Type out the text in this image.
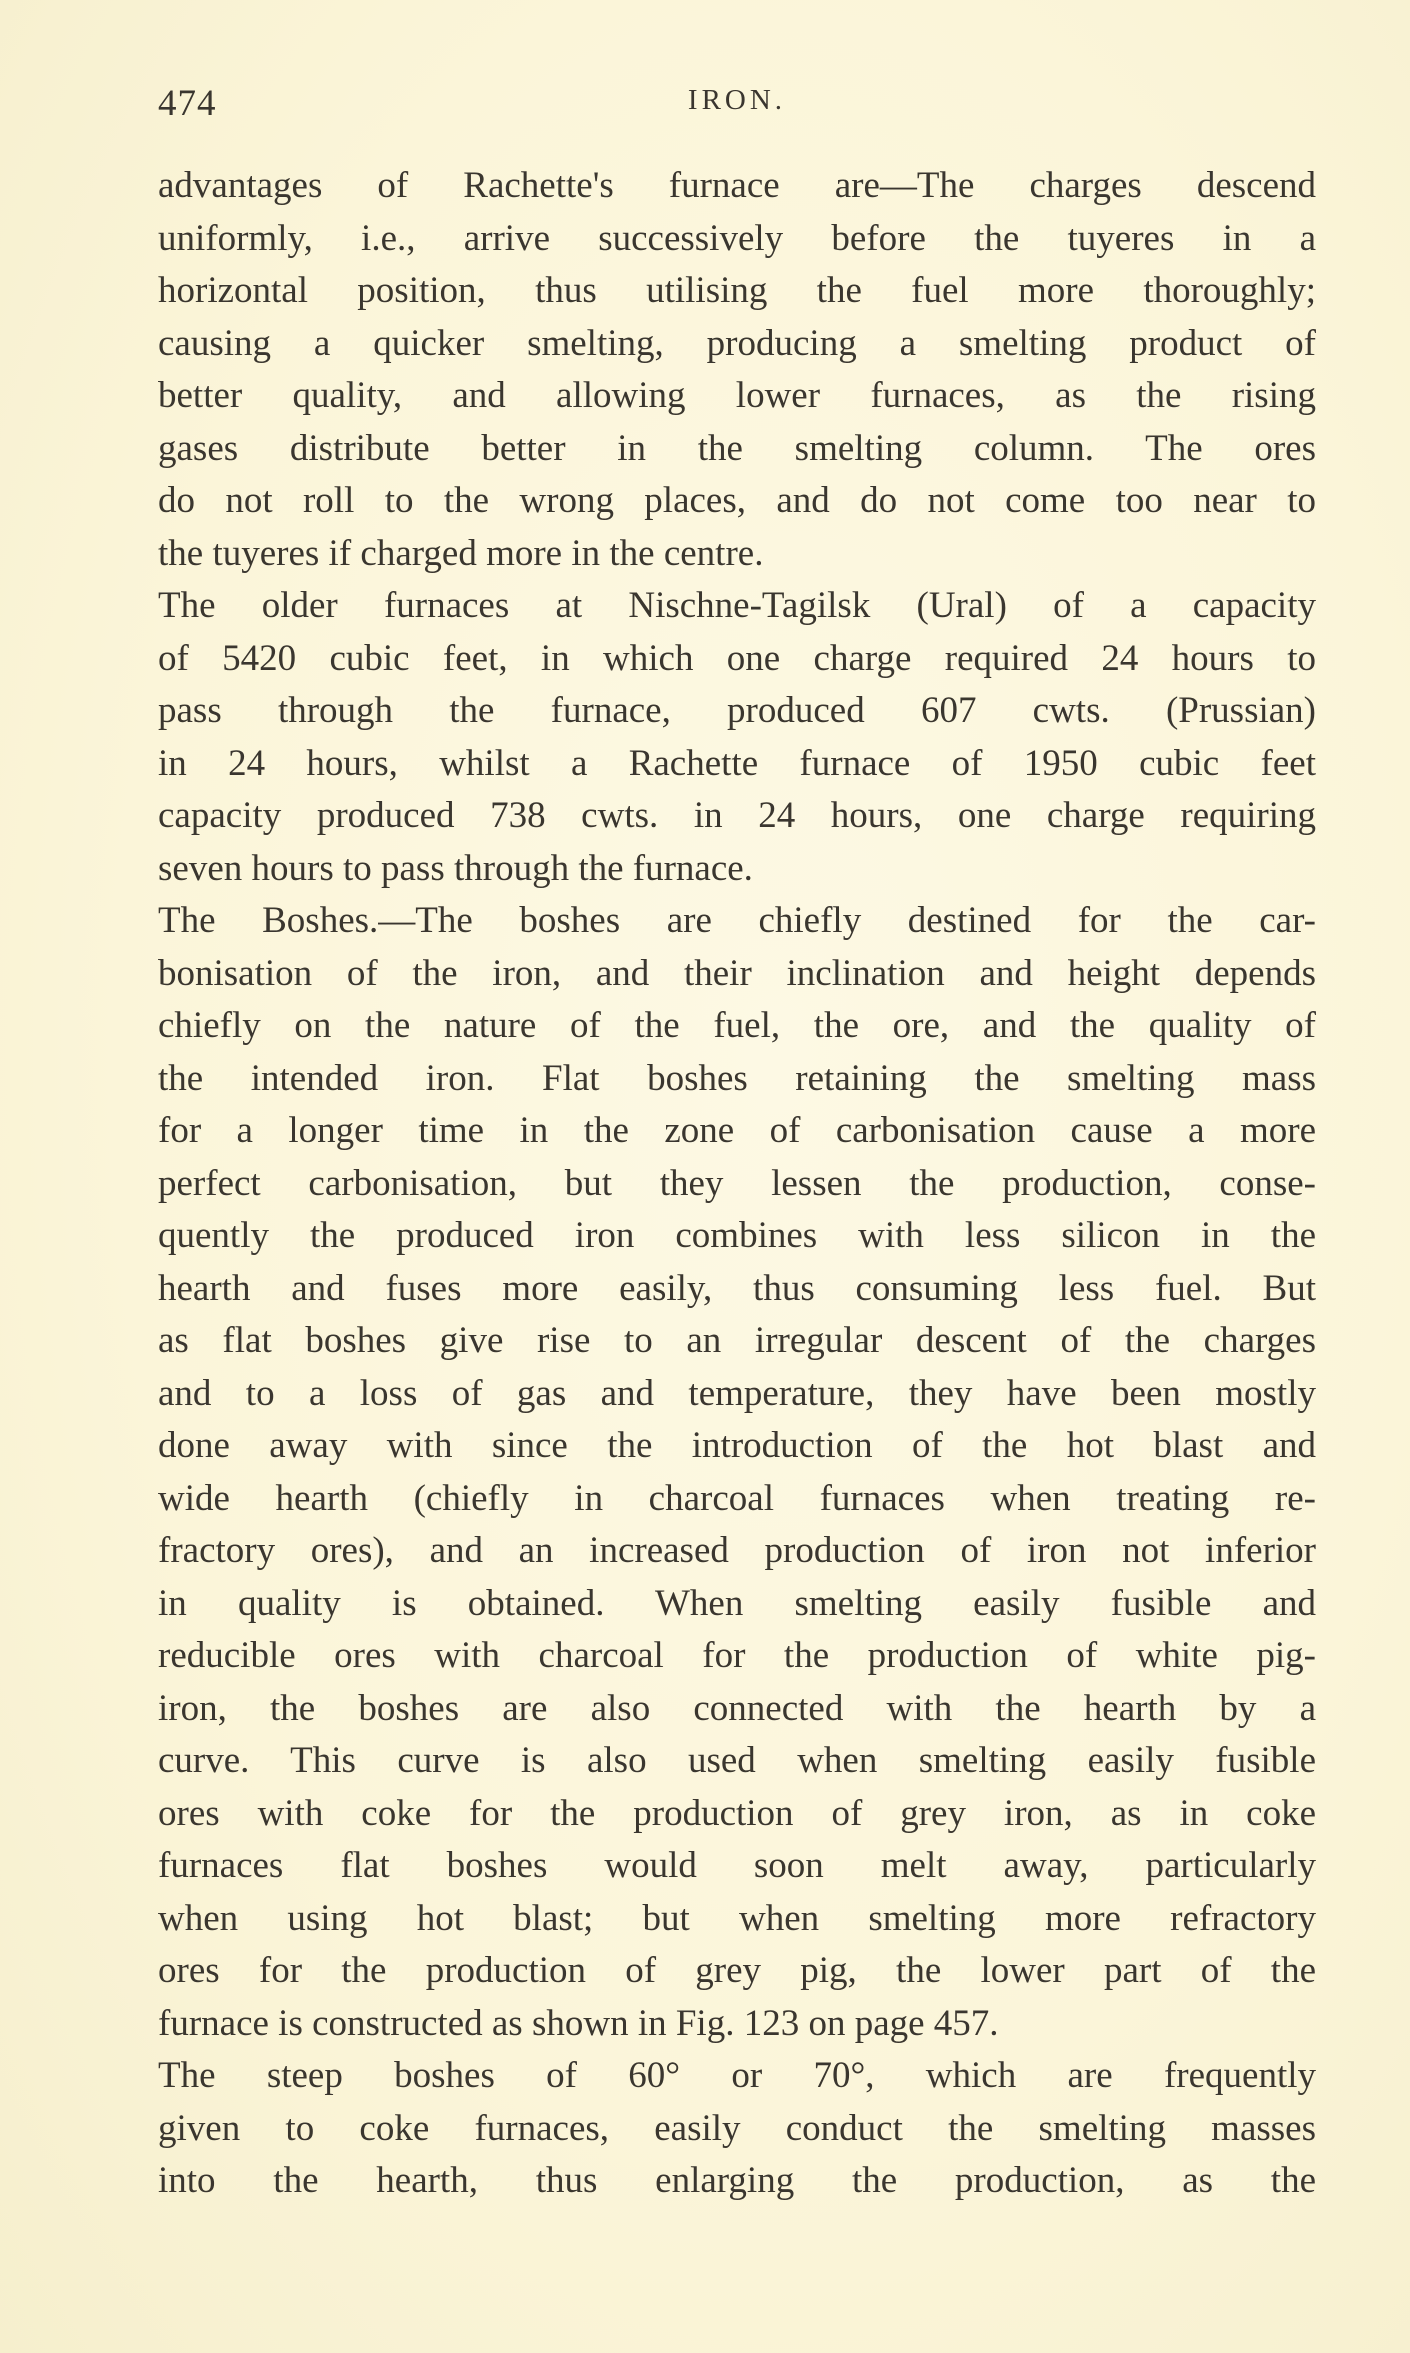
474	IRON.
advantages of Rachette's furnace are—The charges descend
uniformly, i.e., arrive successively before the tuyeres in a
horizontal position, thus utilising the fuel more thoroughly;
causing a quicker smelting, producing a smelting product of
better quality, and allowing lower furnaces, as the rising
gases distribute better in the smelting column. The ores
do not roll to the wrong places, and do not come too near to
the tuyeres if charged more in the centre.
The older furnaces at Nischne-Tagilsk (Ural) of a capacity
of 5420 cubic feet, in which one charge required 24 hours to
pass through the furnace, produced 607 cwts. (Prussian)
in 24 hours, whilst a Rachette furnace of 1950 cubic feet
capacity produced 738 cwts. in 24 hours, one charge requiring
seven hours to pass through the furnace.
The Boshes.—The boshes are chiefly destined for the car-
bonisation of the iron, and their inclination and height depends
chiefly on the nature of the fuel, the ore, and the quality of
the intended iron. Flat boshes retaining the smelting mass
for a longer time in the zone of carbonisation cause a more
perfect carbonisation, but they lessen the production, conse-
quently the produced iron combines with less silicon in the
hearth and fuses more easily, thus consuming less fuel. But
as flat boshes give rise to an irregular descent of the charges
and to a loss of gas and temperature, they have been mostly
done away with since the introduction of the hot blast and
wide hearth (chiefly in charcoal furnaces when treating re-
fractory ores), and an increased production of iron not inferior
in quality is obtained. When smelting easily fusible and
reducible ores with charcoal for the production of white pig-
iron, the boshes are also connected with the hearth by a
curve. This curve is also used when smelting easily fusible
ores with coke for the production of grey iron, as in coke
furnaces flat boshes would soon melt away, particularly
when using hot blast; but when smelting more refractory
ores for the production of grey pig, the lower part of the
furnace is constructed as shown in Fig. 123 on page 457.
The steep boshes of 60° or 70°, which are frequently
given to coke furnaces, easily conduct the smelting masses
into the hearth, thus enlarging the production, as the
